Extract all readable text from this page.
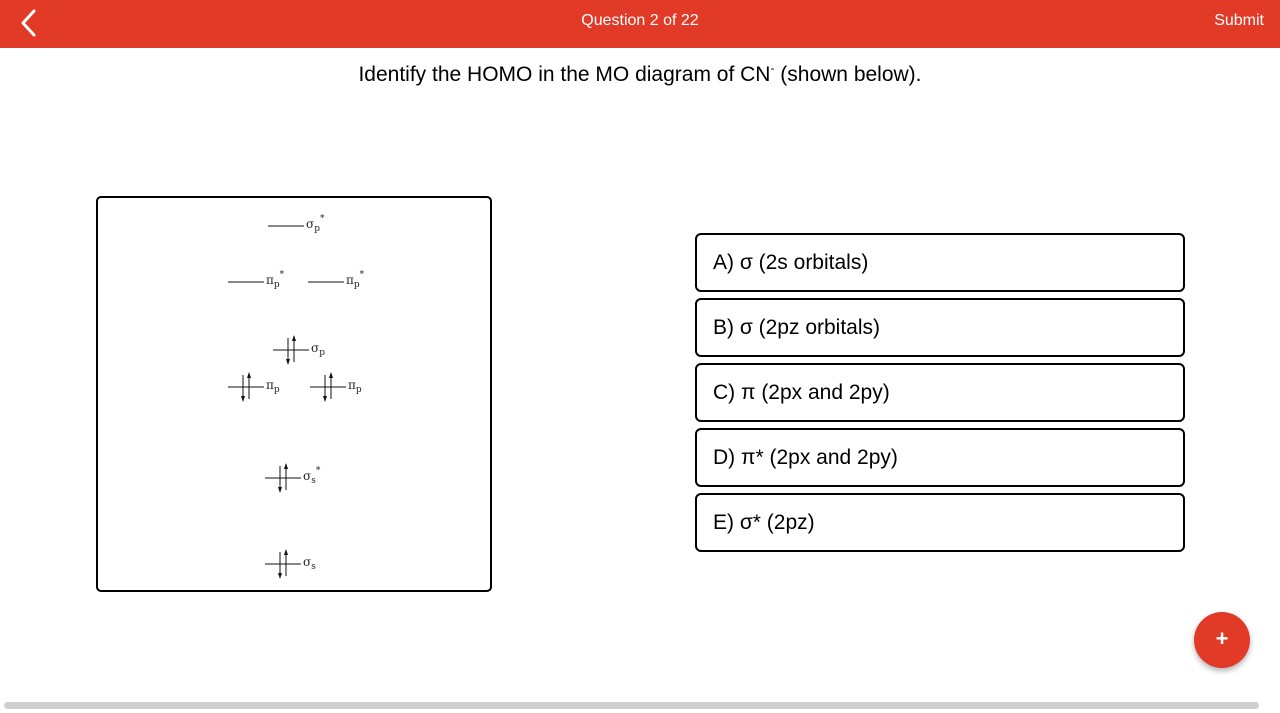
Question 2 of 22	Submit
Identify the HOMO in the MO diagram of CN- (shown below).
$\sigma_p^*$
$\pi_p^*$	$\pi_p^*$
$\sigma_p$
$\pi_p$	$\pi_p$
$\sigma_s^*$
$\sigma_s$
A) σ (2s orbitals)
B) σ (2pz orbitals)
C) π (2px and 2py)
D) π* (2px and 2py)
E) σ* (2pz)
+
